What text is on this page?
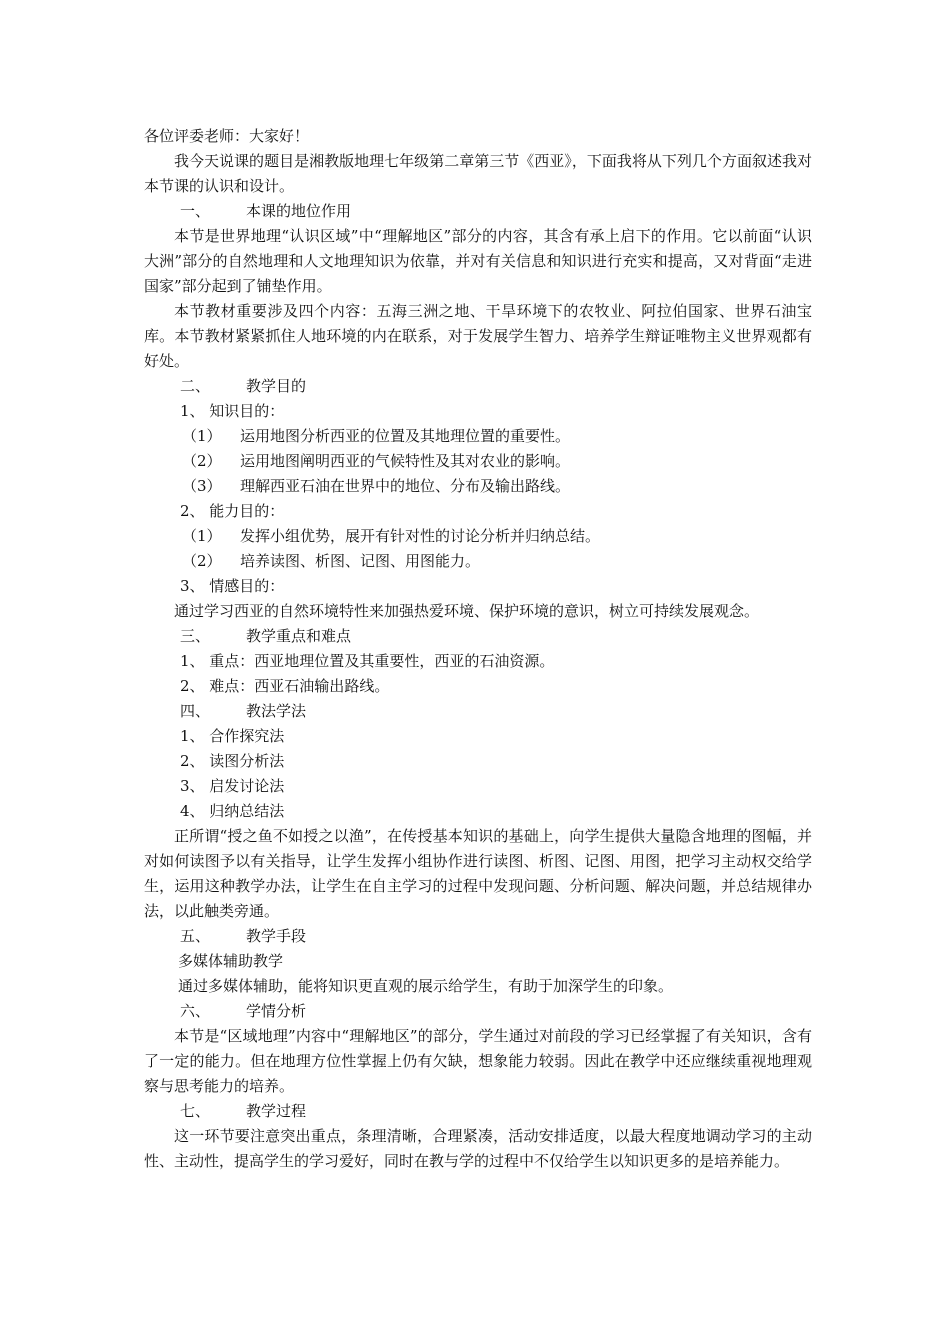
各位评委老师：大家好！

我今天说课的题目是湘教版地理七年级第二章第三节《西亚》，下面我将从下列几个方面叙述我对本节课的认识和设计。

一、 本课的地位作用

本节是世界地理“认识区域”中“理解地区”部分的内容，其含有承上启下的作用。它以前面“认识大洲”部分的自然地理和人文地理知识为依靠，并对有关信息和知识进行充实和提高，又对背面“走进国家”部分起到了铺垫作用。

本节教材重要涉及四个内容：五海三洲之地、干旱环境下的农牧业、阿拉伯国家、世界石油宝库。本节教材紧紧抓住人地环境的内在联系，对于发展学生智力、培养学生辩证唯物主义世界观都有好处。

二、 教学目的

1、 知识目的：

（1） 运用地图分析西亚的位置及其地理位置的重要性。

（2） 运用地图阐明西亚的气候特性及其对农业的影响。

（3） 理解西亚石油在世界中的地位、分布及输出路线。

2、 能力目的：

（1） 发挥小组优势，展开有针对性的讨论分析并归纳总结。

（2） 培养读图、析图、记图、用图能力。

3、 情感目的：

通过学习西亚的自然环境特性来加强热爱环境、保护环境的意识，树立可持续发展观念。

三、 教学重点和难点

1、 重点：西亚地理位置及其重要性，西亚的石油资源。

2、 难点：西亚石油输出路线。

四、 教法学法

1、 合作探究法

2、 读图分析法

3、 启发讨论法

4、 归纳总结法

正所谓“授之鱼不如授之以渔”，在传授基本知识的基础上，向学生提供大量隐含地理的图幅，并对如何读图予以有关指导，让学生发挥小组协作进行读图、析图、记图、用图，把学习主动权交给学生，运用这种教学办法，让学生在自主学习的过程中发现问题、分析问题、解决问题，并总结规律办法，以此触类旁通。

五、 教学手段

多媒体辅助教学

通过多媒体辅助，能将知识更直观的展示给学生，有助于加深学生的印象。

六、 学情分析

本节是“区域地理”内容中“理解地区”的部分，学生通过对前段的学习已经掌握了有关知识，含有了一定的能力。但在地理方位性掌握上仍有欠缺，想象能力较弱。因此在教学中还应继续重视地理观察与思考能力的培养。

七、 教学过程

这一环节要注意突出重点，条理清晰，合理紧凑，活动安排适度，以最大程度地调动学习的主动性、主动性，提高学生的学习爱好，同时在教与学的过程中不仅给学生以知识更多的是培养能力。
